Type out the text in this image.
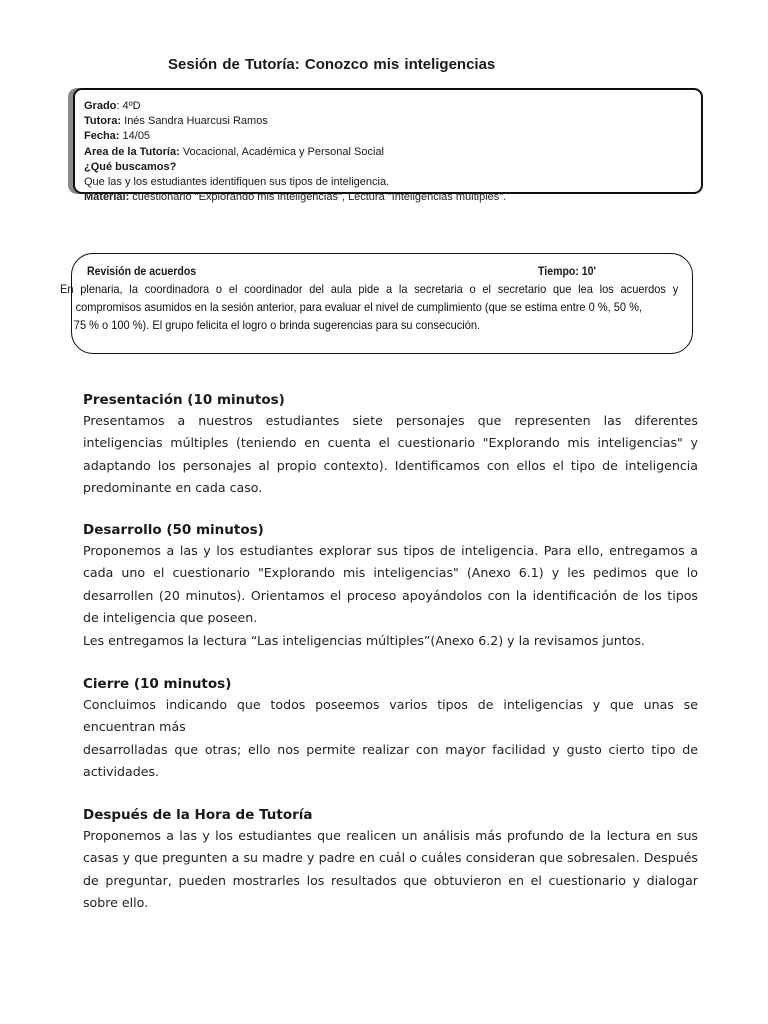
Sesión de Tutoría: Conozco mis inteligencias
Grado: 4ºD
Tutora: Inés Sandra Huarcusi Ramos
Fecha: 14/05
Area de la Tutoría: Vocacional, Académica y Personal Social
¿Qué buscamos?
Que las y los estudiantes identifiquen sus tipos de inteligencia.
Material: cuestionario "Explorando mis inteligencias", Lectura "Inteligencias múltiples".
Revisión de acuerdos	Tiempo: 10'
En plenaria, la coordinadora o el coordinador del aula pide a la secretaria o el secretario que lea los acuerdos y
compromisos asumidos en la sesión anterior, para evaluar el nivel de cumplimiento (que se estima entre 0 %, 50 %,
75 % o 100 %). El grupo felicita el logro o brinda sugerencias para su consecución.
Presentación (10 minutos)

Presentamos a nuestros estudiantes siete personajes que representen las diferentes inteligencias múltiples (teniendo en cuenta el cuestionario "Explorando mis inteligencias" y adaptando los personajes al propio contexto). Identificamos con ellos el tipo de inteligencia predominante en cada caso.

Desarrollo (50 minutos)

Proponemos a las y los estudiantes explorar sus tipos de inteligencia. Para ello, entregamos a cada uno el cuestionario "Explorando mis inteligencias" (Anexo 6.1) y les pedimos que lo desarrollen (20 minutos). Orientamos el proceso apoyándolos con la identificación de los tipos de inteligencia que poseen.

Les entregamos la lectura “Las inteligencias múltiples”(Anexo 6.2) y la revisamos juntos.

Cierre (10 minutos)

Concluimos indicando que todos poseemos varios tipos de inteligencias y que unas se encuentran más

desarrolladas que otras; ello nos permite realizar con mayor facilidad y gusto cierto tipo de actividades.

Después de la Hora de Tutoría

Proponemos a las y los estudiantes que realicen un análisis más profundo de la lectura en sus casas y que pregunten a su madre y padre en cuál o cuáles consideran que sobresalen. Después de preguntar, pueden mostrarles los resultados que obtuvieron en el cuestionario y dialogar sobre ello.
